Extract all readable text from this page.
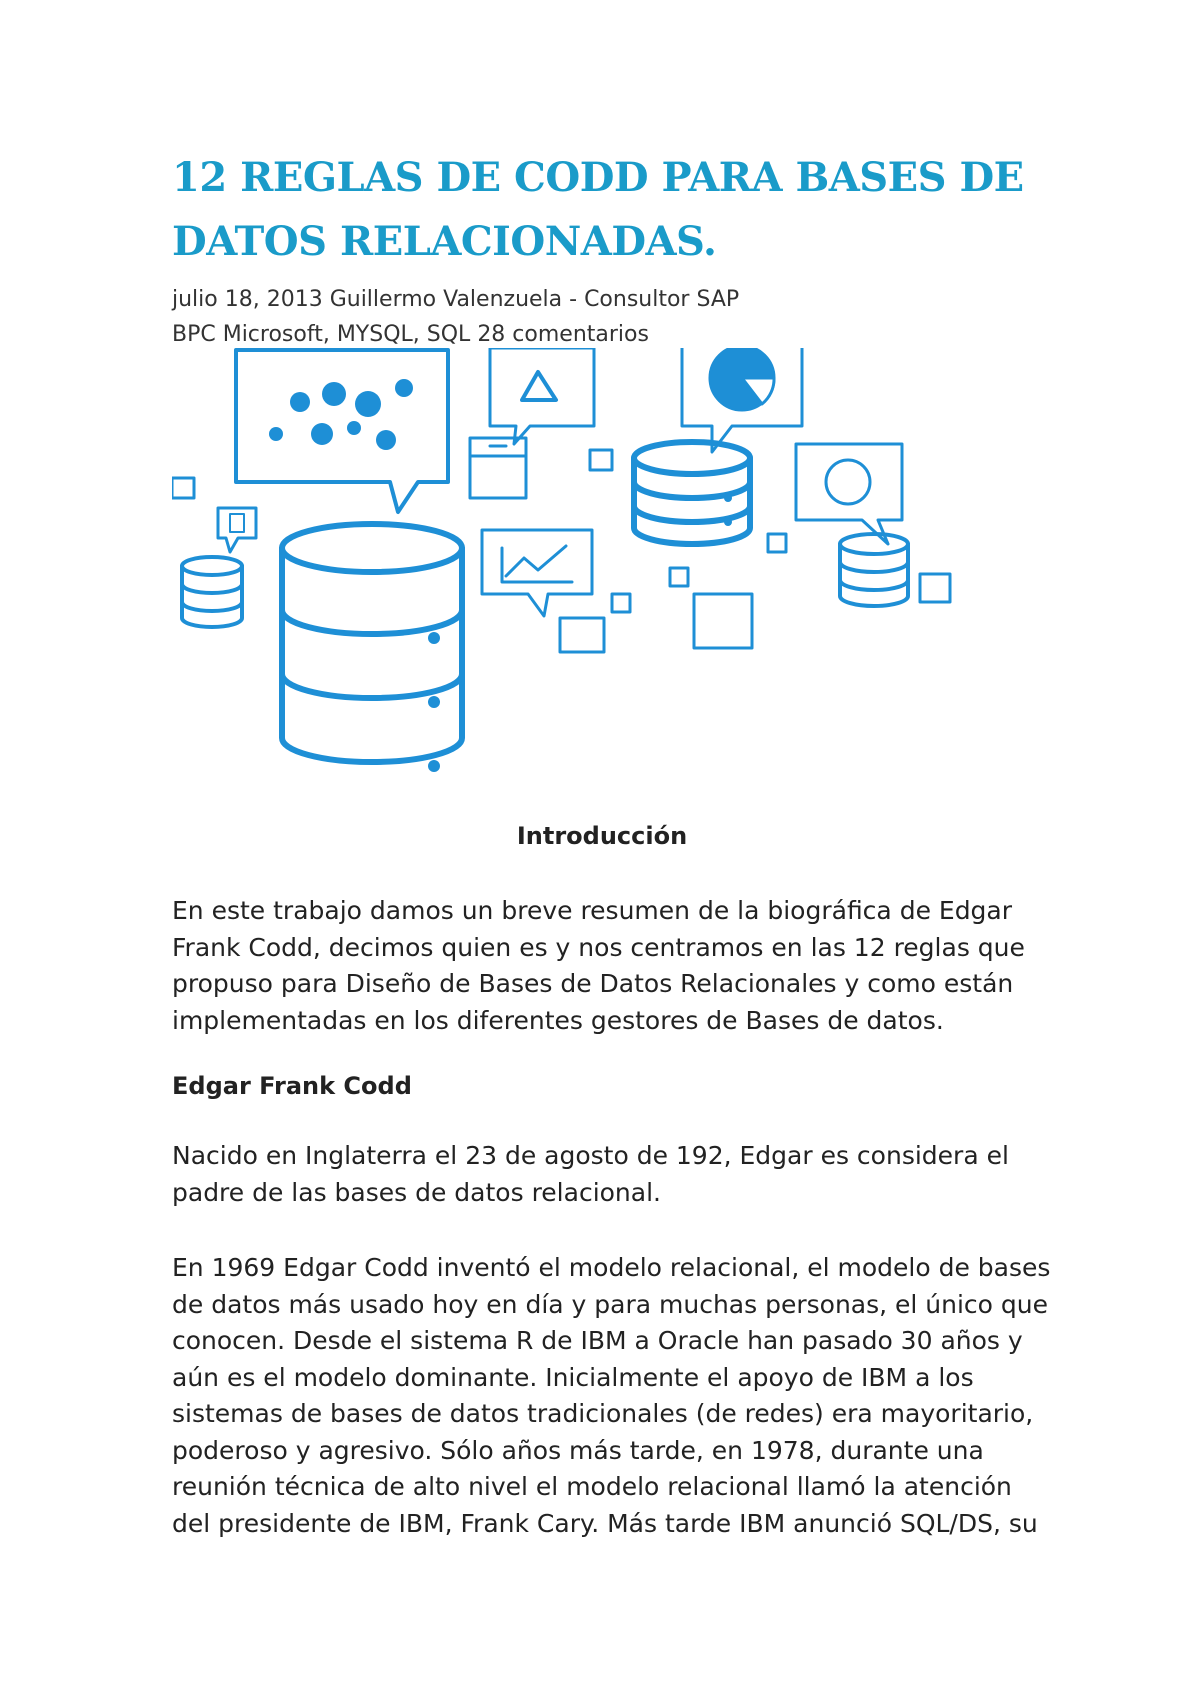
12 REGLAS DE CODD PARA BASES DE
DATOS RELACIONADAS.
julio 18, 2013 Guillermo Valenzuela - Consultor SAP
BPC Microsoft, MYSQL, SQL 28 comentarios
Introducción
En este trabajo damos un breve resumen de la biográfica de Edgar
Frank Codd, decimos quien es y nos centramos en las 12 reglas que
propuso para Diseño de Bases de Datos Relacionales y como están
implementadas en los diferentes gestores de Bases de datos.
Edgar Frank Codd
Nacido en Inglaterra el 23 de agosto de 192, Edgar es considera el
padre de las bases de datos relacional.
En 1969 Edgar Codd inventó el modelo relacional, el modelo de bases
de datos más usado hoy en día y para muchas personas, el único que
conocen. Desde el sistema R de IBM a Oracle han pasado 30 años y
aún es el modelo dominante. Inicialmente el apoyo de IBM a los
sistemas de bases de datos tradicionales (de redes) era mayoritario,
poderoso y agresivo. Sólo años más tarde, en 1978, durante una
reunión técnica de alto nivel el modelo relacional llamó la atención
del presidente de IBM, Frank Cary. Más tarde IBM anunció SQL/DS, su
